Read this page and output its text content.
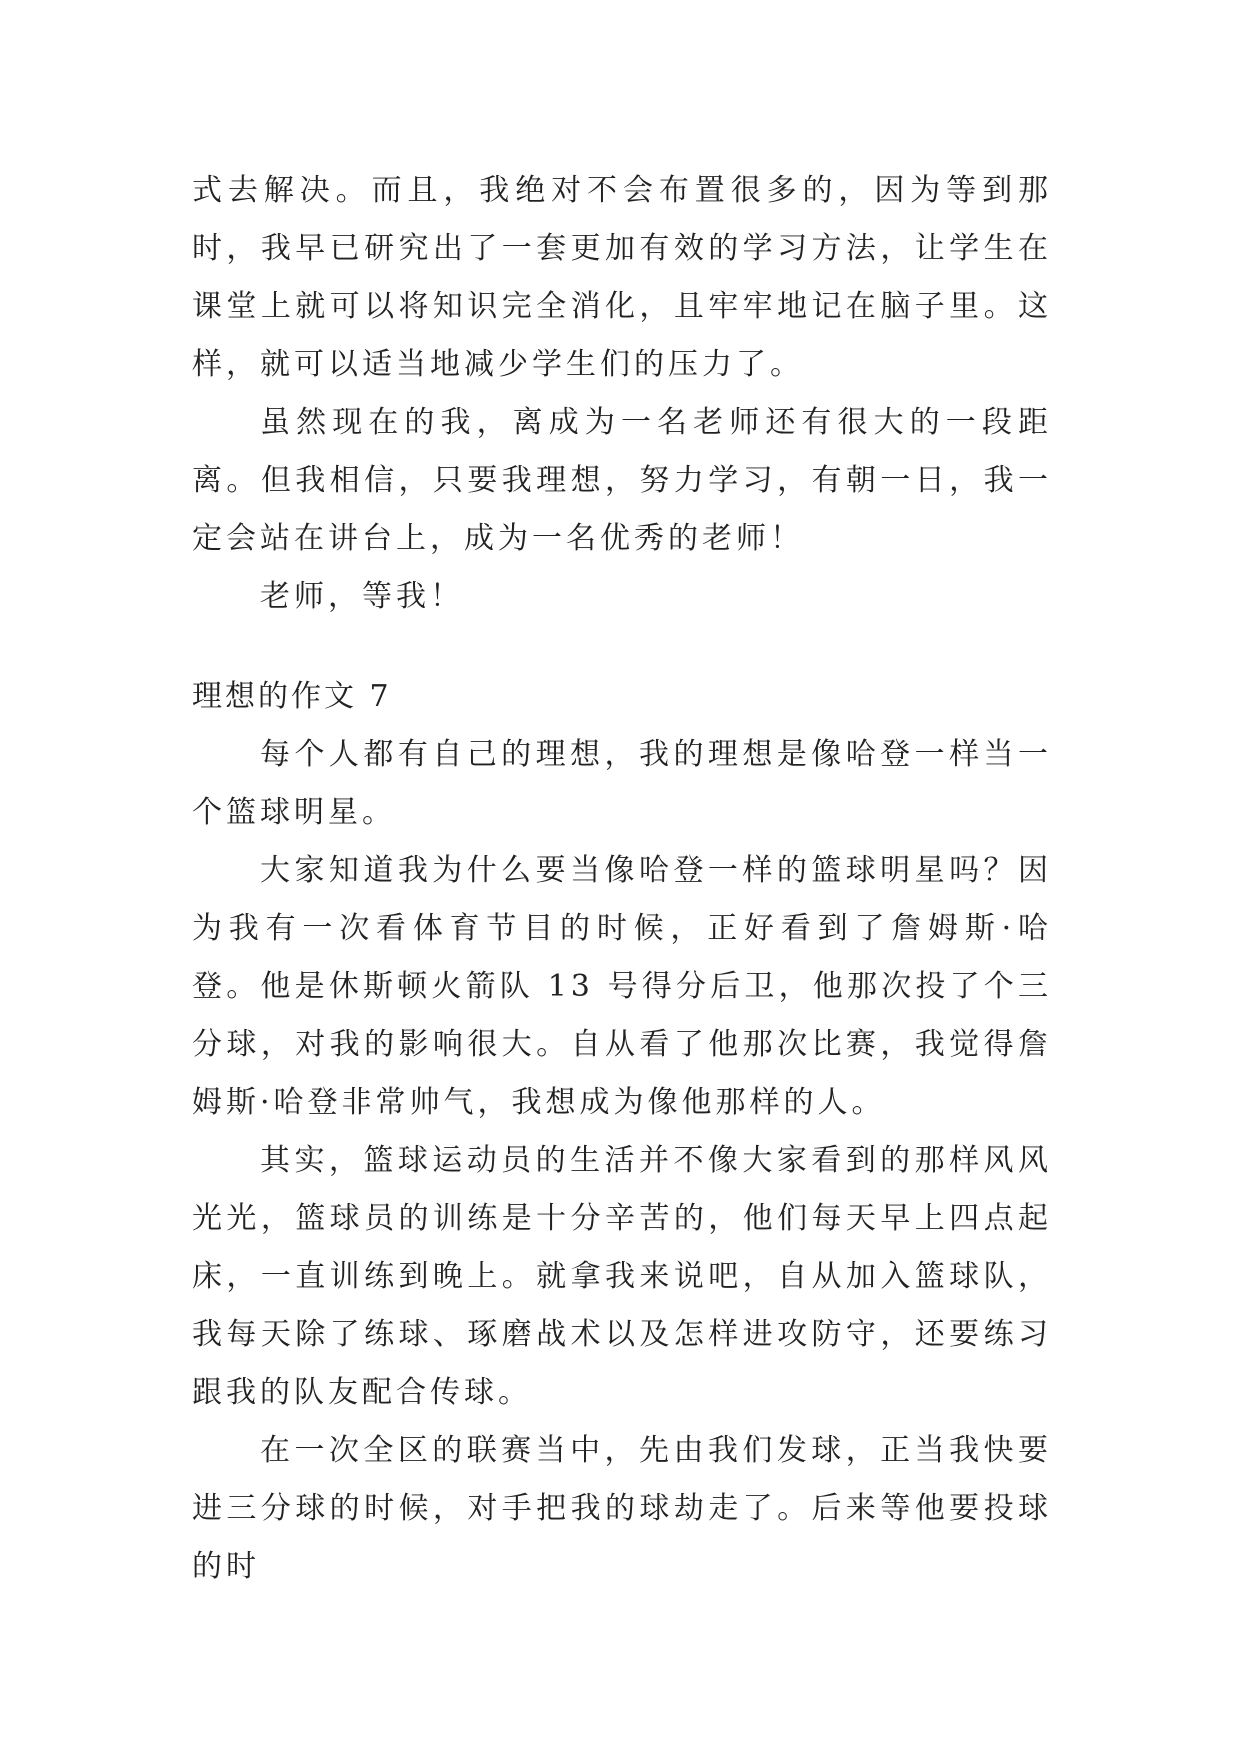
式去解决。而且，我绝对不会布置很多的，因为等到那时，我早已研究出了一套更加有效的学习方法，让学生在课堂上就可以将知识完全消化，且牢牢地记在脑子里。这样，就可以适当地减少学生们的压力了。

虽然现在的我，离成为一名老师还有很大的一段距离。但我相信，只要我理想，努力学习，有朝一日，我一定会站在讲台上，成为一名优秀的老师！

老师，等我！

理想的作文 7

每个人都有自己的理想，我的理想是像哈登一样当一个篮球明星。

大家知道我为什么要当像哈登一样的篮球明星吗？因为我有一次看体育节目的时候，正好看到了詹姆斯·哈登。他是休斯顿火箭队 13 号得分后卫，他那次投了个三分球，对我的影响很大。自从看了他那次比赛，我觉得詹姆斯·哈登非常帅气，我想成为像他那样的人。

其实，篮球运动员的生活并不像大家看到的那样风风光光，篮球员的训练是十分辛苦的，他们每天早上四点起床，一直训练到晚上。就拿我来说吧，自从加入篮球队，我每天除了练球、琢磨战术以及怎样进攻防守，还要练习跟我的队友配合传球。

在一次全区的联赛当中，先由我们发球，正当我快要进三分球的时候，对手把我的球劫走了。后来等他要投球的时
